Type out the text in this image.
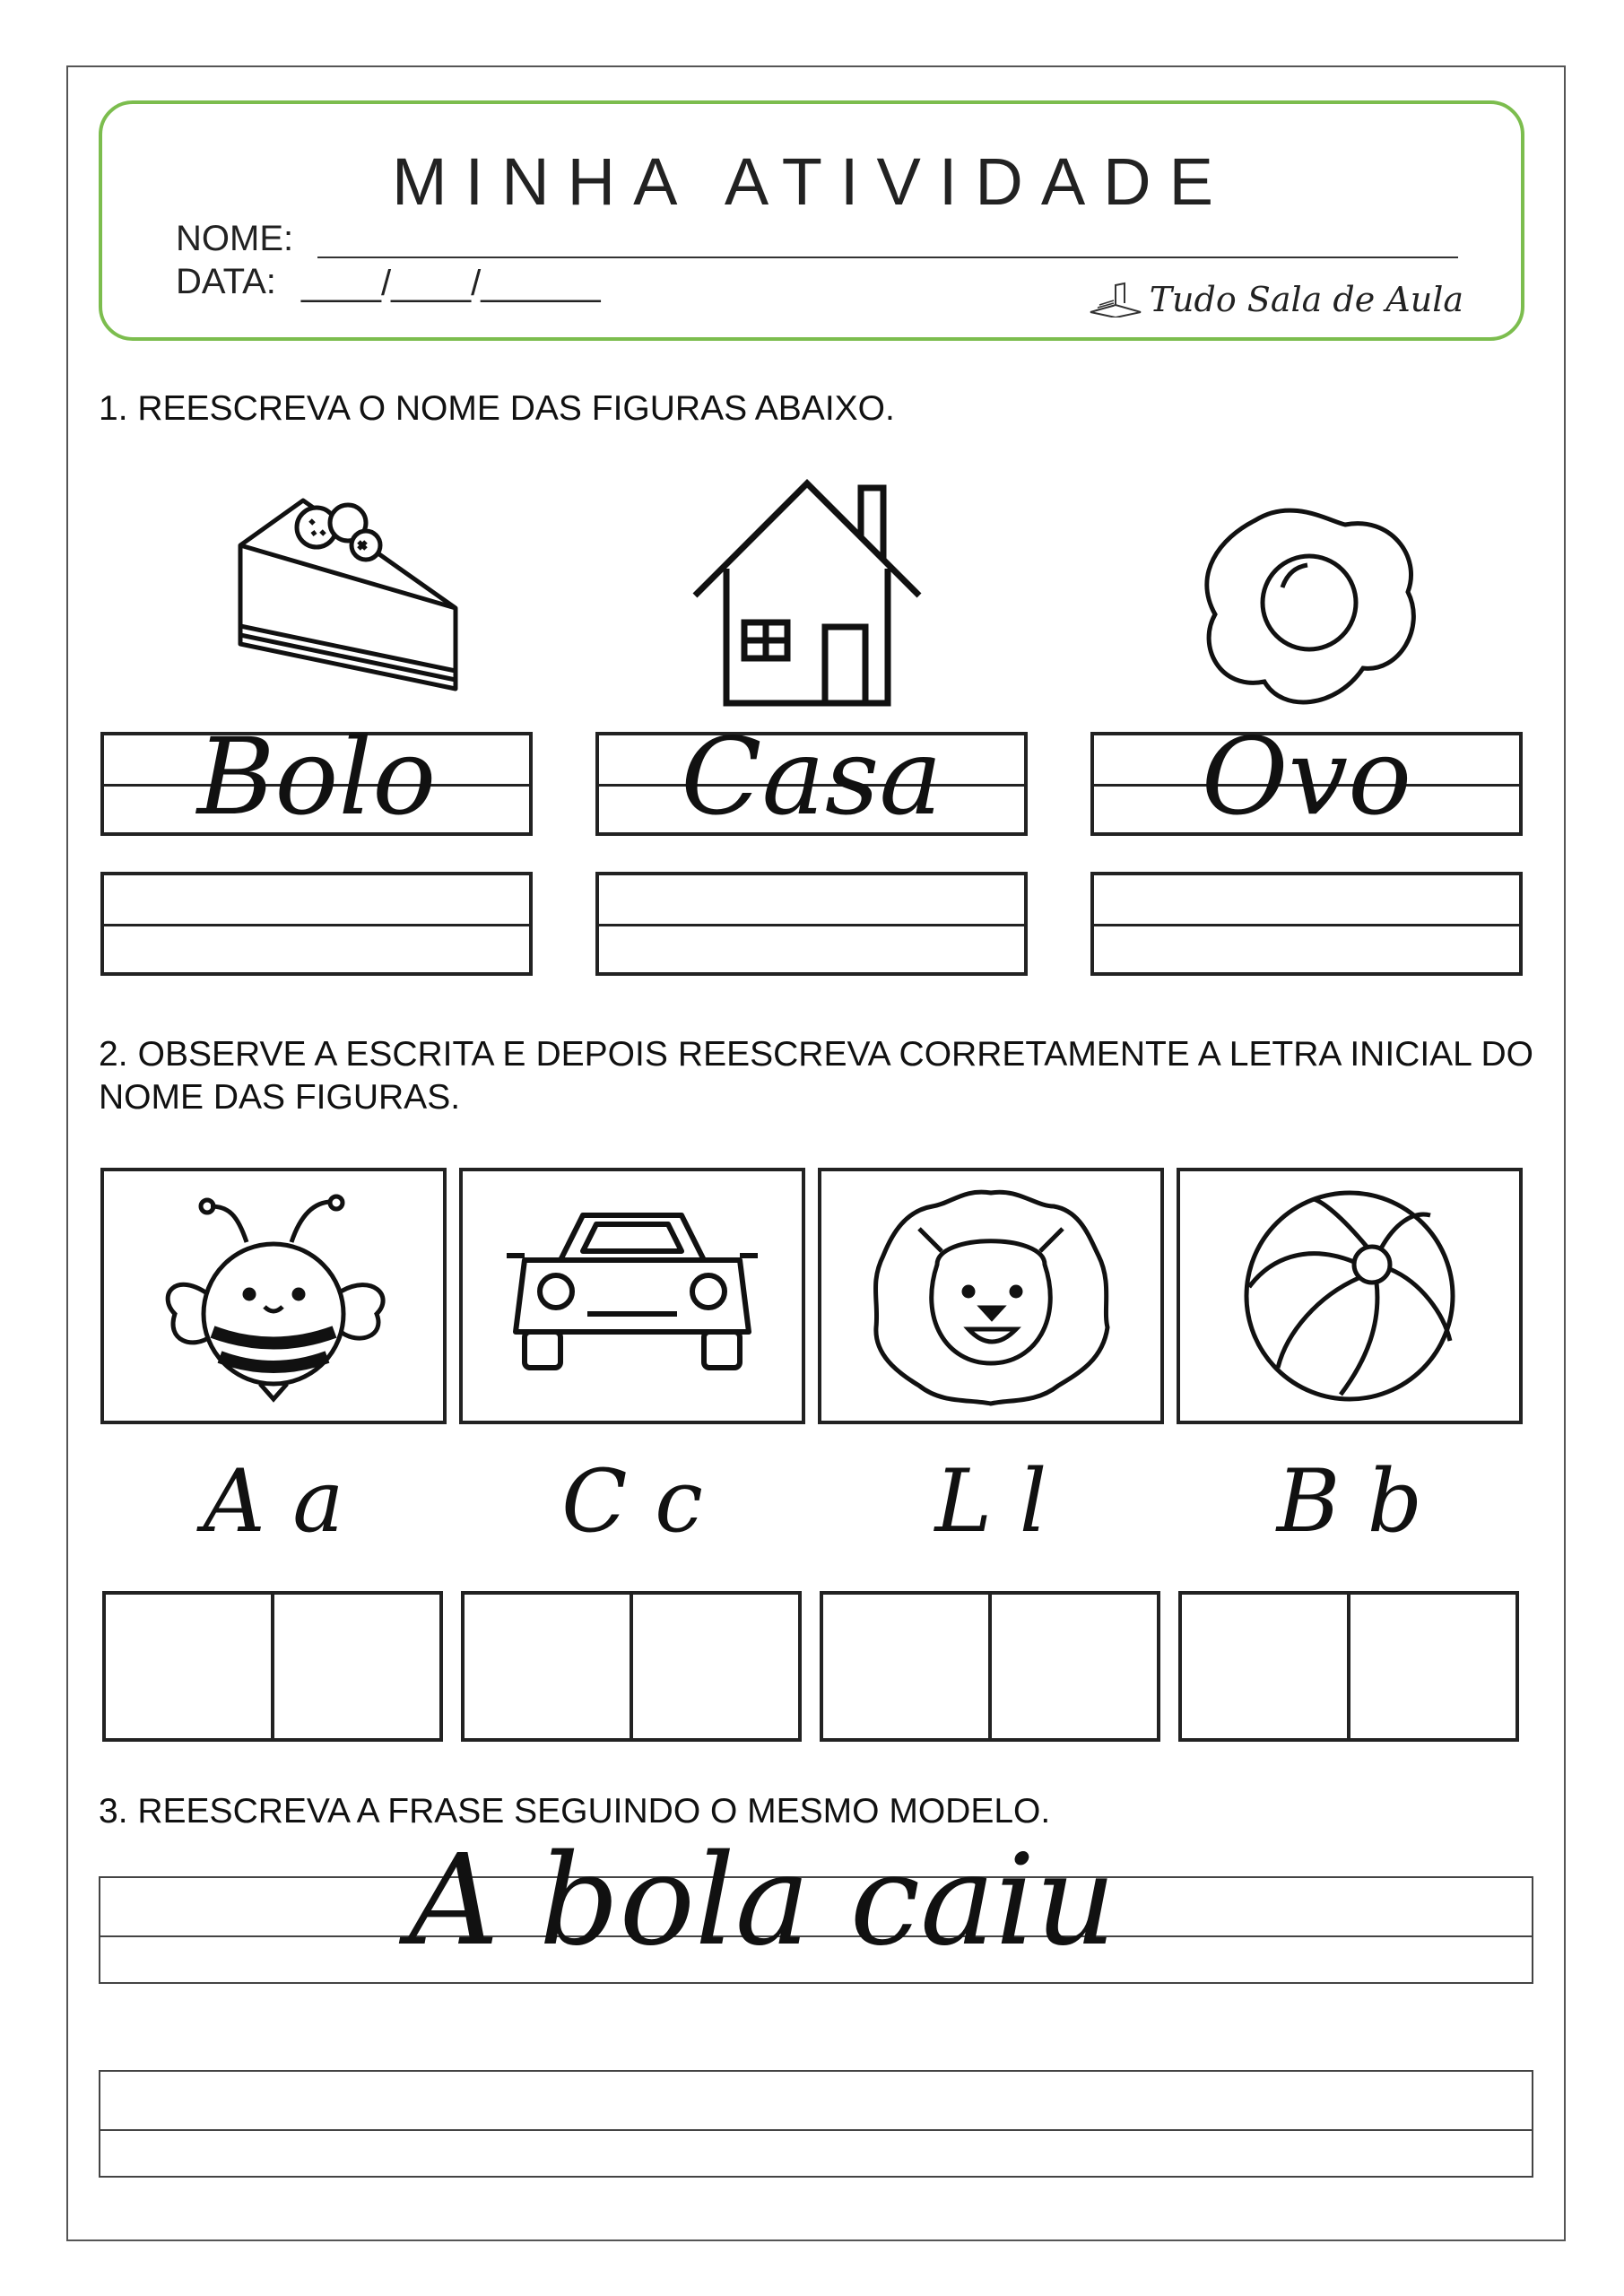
MINHA ATIVIDADE
NOME:
DATA: ____/____/______	Tudo Sala de Aula
1. REESCREVA O NOME DAS FIGURAS ABAIXO.
Bolo	Casa	Ovo
2. OBSERVE A ESCRITA E DEPOIS REESCREVA CORRETAMENTE A LETRA INICIAL DO NOME DAS FIGURAS.
A a	C c	L l	B b
3. REESCREVA A FRASE SEGUINDO O MESMO MODELO.
A bola caiu
